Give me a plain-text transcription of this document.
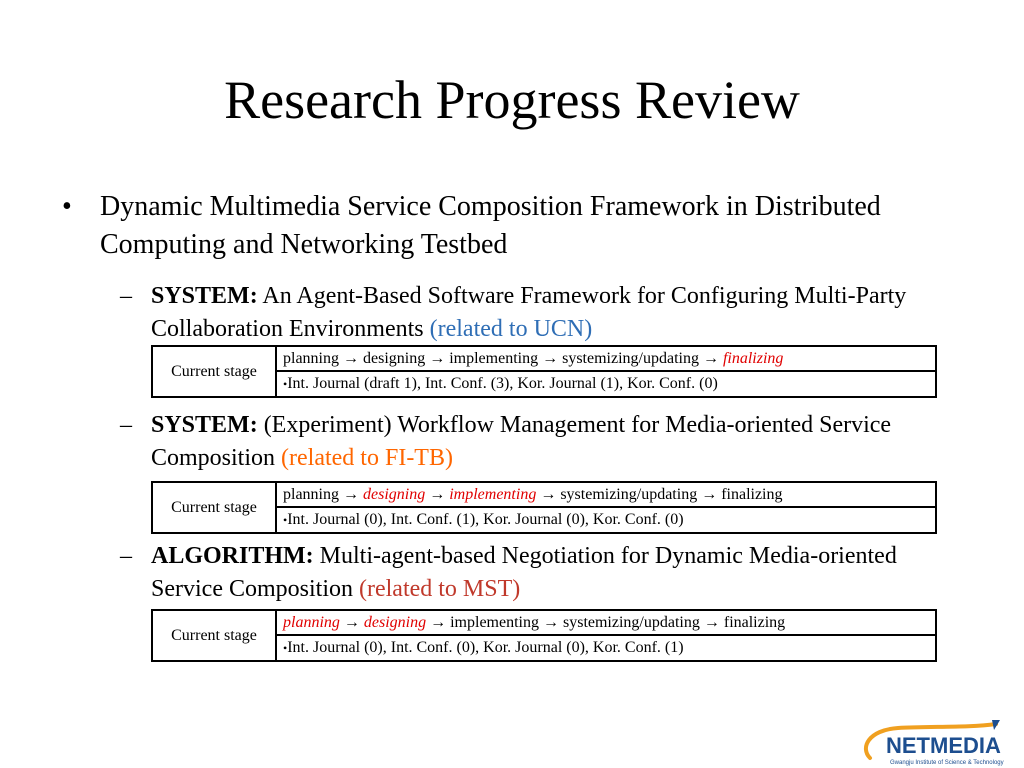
Research Progress Review
• Dynamic Multimedia Service Composition Framework in Distributed Computing and Networking Testbed
– SYSTEM: An Agent-Based Software Framework for Configuring Multi-Party Collaboration Environments (related to UCN)
Current stage	planning → designing → implementing → systemizing/updating → finalizing
•Int. Journal (draft 1), Int. Conf. (3), Kor. Journal (1), Kor. Conf. (0)
– SYSTEM: (Experiment) Workflow Management for Media-oriented Service Composition (related to FI-TB)
Current stage	planning → designing → implementing → systemizing/updating → finalizing
•Int. Journal (0), Int. Conf. (1), Kor. Journal (0), Kor. Conf. (0)
– ALGORITHM: Multi-agent-based Negotiation for Dynamic Media-oriented Service Composition (related to MST)
Current stage	planning → designing → implementing → systemizing/updating → finalizing
•Int. Journal (0), Int. Conf. (0), Kor. Journal (0), Kor. Conf. (1)
NETMEDIA
Gwangju Institute of Science & Technology
